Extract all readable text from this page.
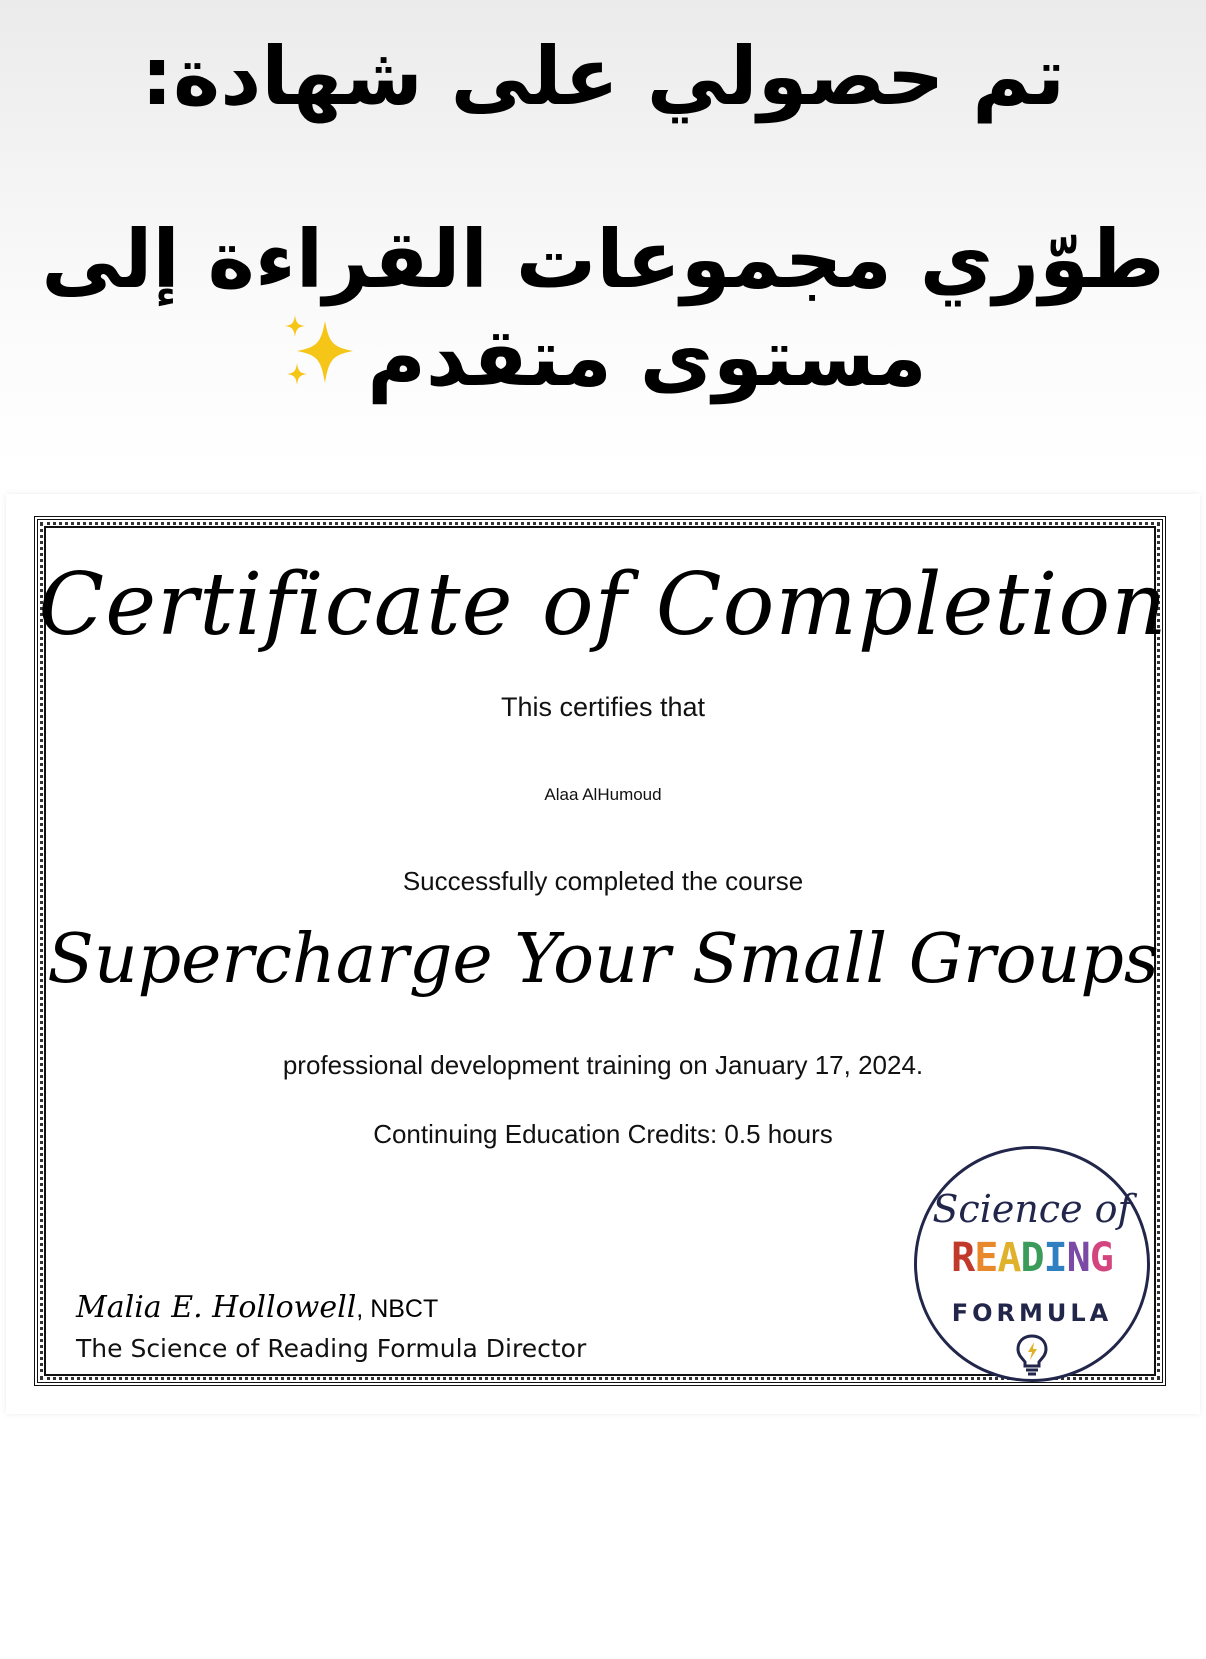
تم حصولي على شهادة:
طوّري مجموعات القراءة إلى
مستوى متقدم
Certificate of Completion
This certifies that
Alaa AlHumoud
Successfully completed the course
Supercharge Your Small Groups
professional development training on January 17, 2024.
Continuing Education Credits: 0.5 hours
Malia E. Hollowell, NBCT
The Science of Reading Formula Director
Science of
READING
FORMULA
